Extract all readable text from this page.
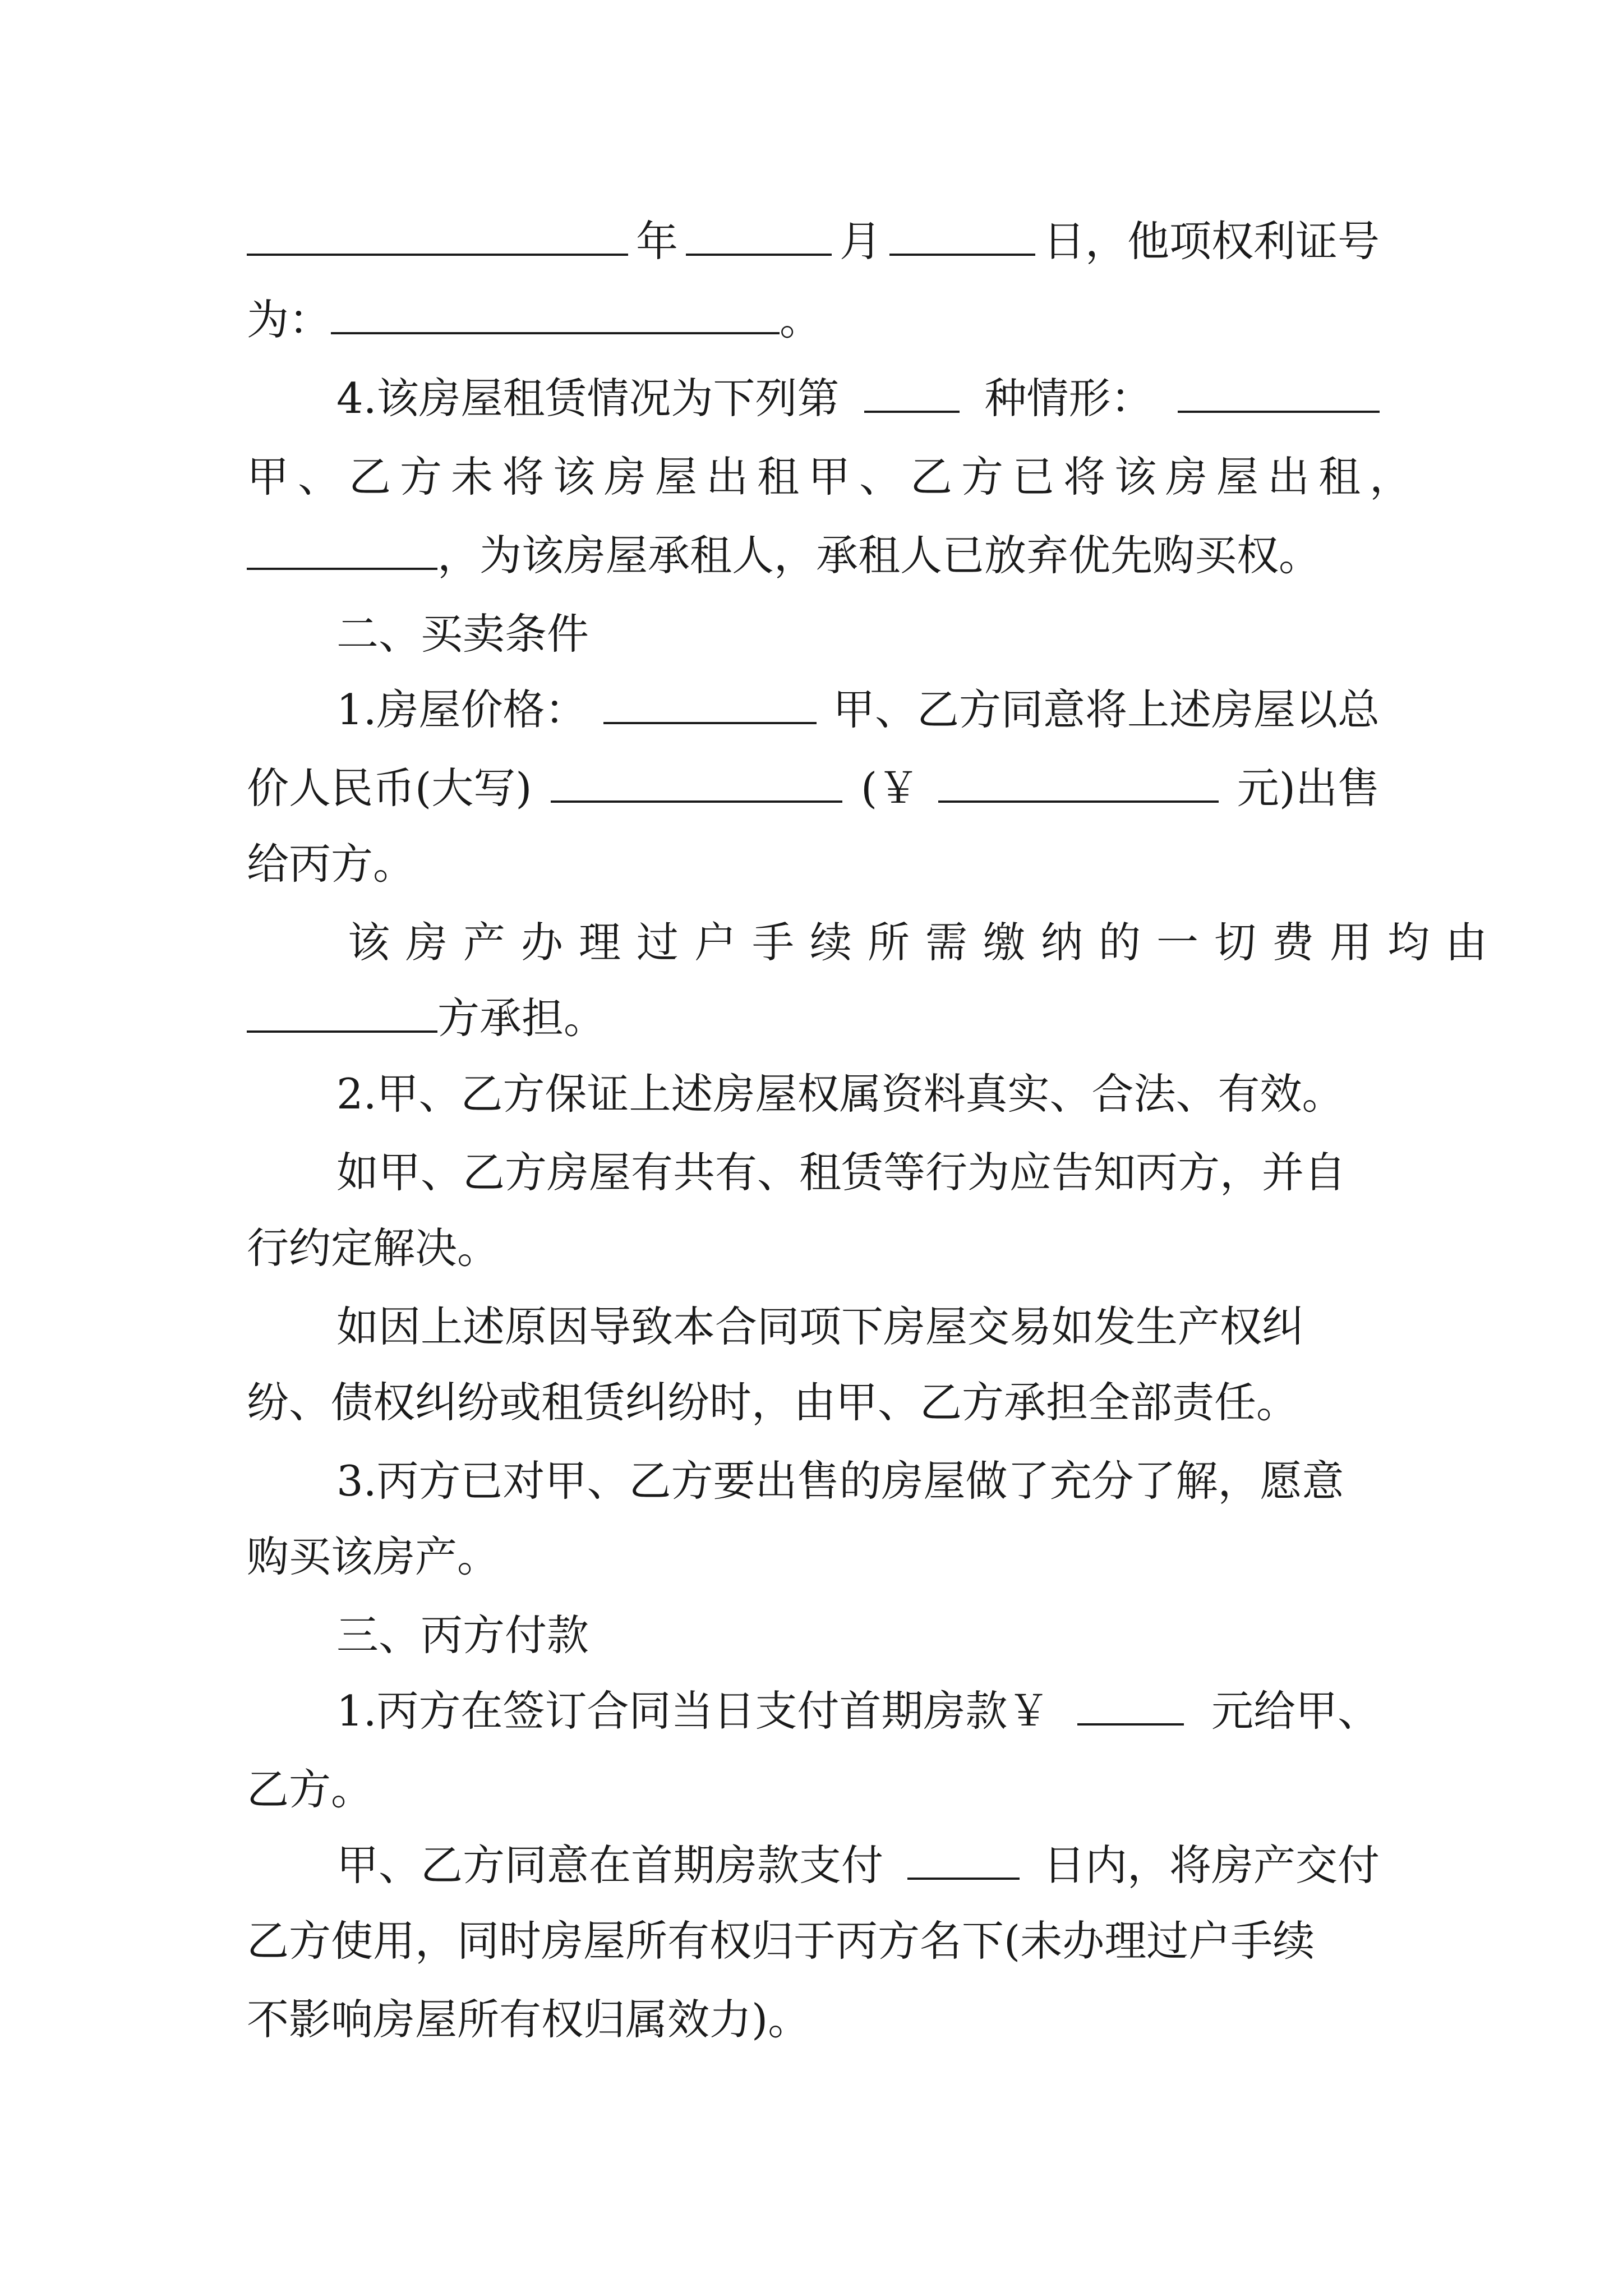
年	月	日，他项权利证号
为：	。
4.该房屋租赁情况为下列第	种情形：
甲、乙方未将该房屋出租甲、乙方已将该房屋出租，
，为该房屋承租人，承租人已放弃优先购买权。
二、买卖条件
1.房屋价格：	甲、乙方同意将上述房屋以总
价人民币(大写)	(￥	元)出售
给丙方。
该房产办理过户手续所需缴纳的一切费用均由
方承担。
2.甲、乙方保证上述房屋权属资料真实、合法、有效。
如甲、乙方房屋有共有、租赁等行为应告知丙方，并自
行约定解决。
如因上述原因导致本合同项下房屋交易如发生产权纠
纷、债权纠纷或租赁纠纷时，由甲、乙方承担全部责任。
3.丙方已对甲、乙方要出售的房屋做了充分了解，愿意
购买该房产。
三、丙方付款
1.丙方在签订合同当日支付首期房款￥	元给甲、
乙方。
甲、乙方同意在首期房款支付	日内，将房产交付
乙方使用，同时房屋所有权归于丙方名下(未办理过户手续
不影响房屋所有权归属效力)。
